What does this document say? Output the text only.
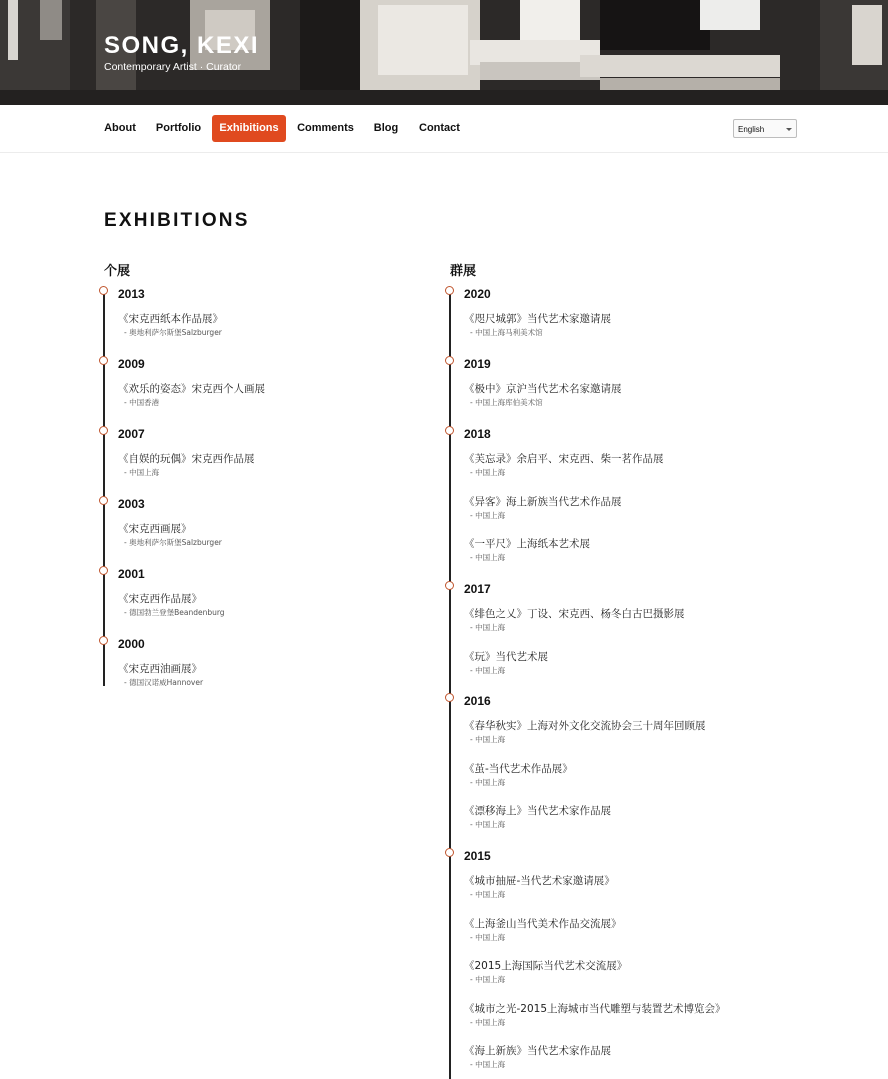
SONG, KEXI
Contemporary Artist · Curator
About	Portfolio	Exhibitions	Comments	Blog	Contact	English
EXHIBITIONS
个展
2013
《宋克西纸本作品展》
- 奥地利萨尔斯堡Salzburger
2009
《欢乐的姿态》宋克西个人画展
- 中国香港
2007
《自娱的玩偶》宋克西作品展
- 中国上海
2003
《宋克西画展》
- 奥地利萨尔斯堡Salzburger
2001
《宋克西作品展》
- 德国勃兰登堡Beandenburg
2000
《宋克西油画展》
- 德国汉诺威Hannover
群展
2020
《咫尺城郭》当代艺术家邀请展
- 中国上海马利美术馆
2019
《极中》京沪当代艺术名家邀请展
- 中国上海库伯美术馆
2018
《芙忘录》余启平、宋克西、柴一茗作品展
- 中国上海
《异客》海上新族当代艺术作品展
- 中国上海
《一平尺》上海纸本艺术展
- 中国上海
2017
《绯色之乂》丁设、宋克西、杨冬白古巴摄影展
- 中国上海
《玩》当代艺术展
- 中国上海
2016
《春华秋实》上海对外文化交流协会三十周年回顾展
- 中国上海
《茧-当代艺术作品展》
- 中国上海
《漂移海上》当代艺术家作品展
- 中国上海
2015
《城市抽屉-当代艺术家邀请展》
- 中国上海
《上海釜山当代美术作品交流展》
- 中国上海
《2015上海国际当代艺术交流展》
- 中国上海
《城市之光-2015上海城市当代雕塑与装置艺术博览会》
- 中国上海
《海上新族》当代艺术家作品展
- 中国上海
